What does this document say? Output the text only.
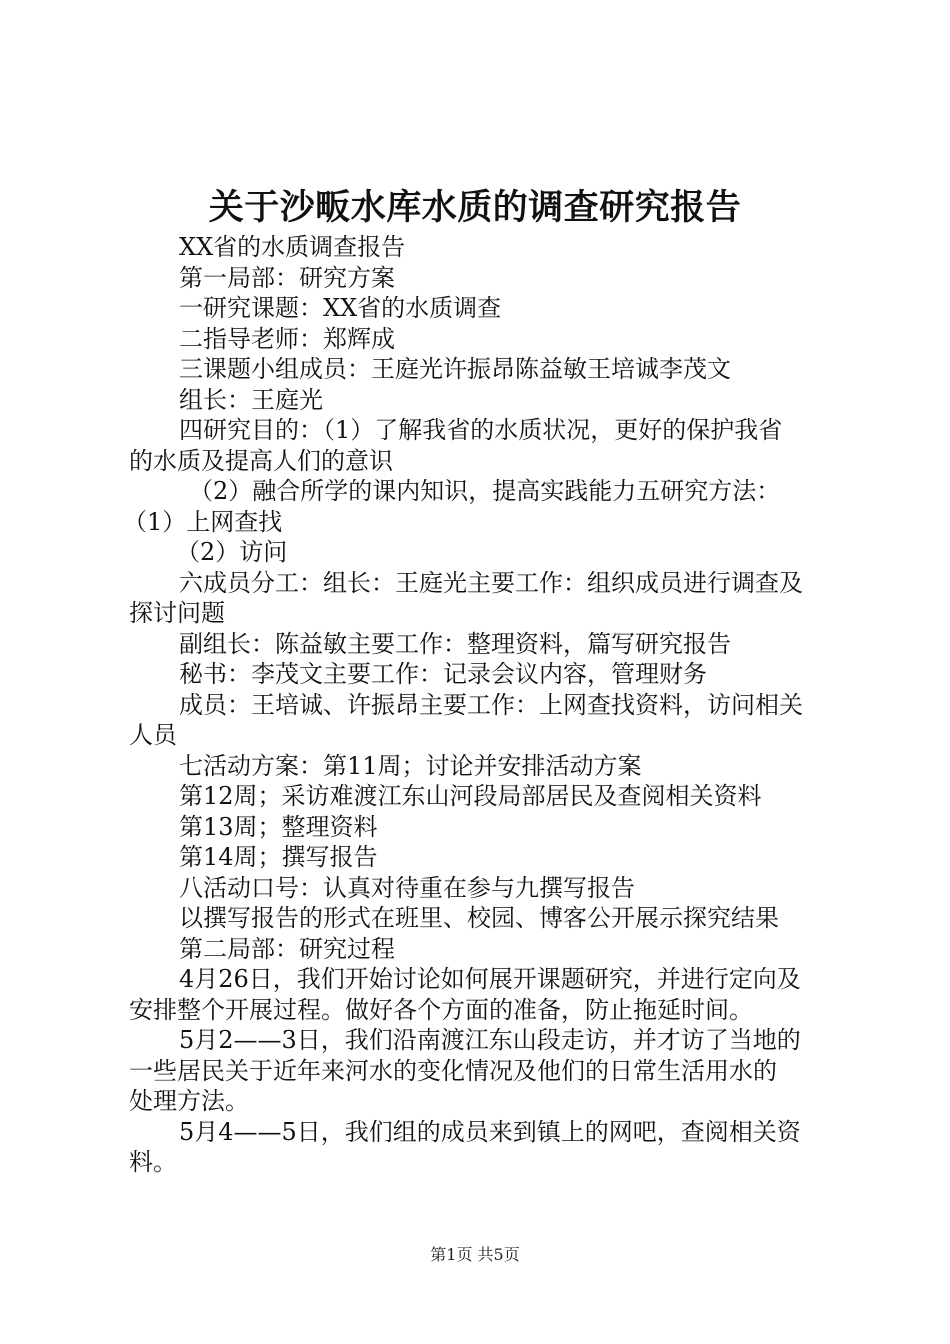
关于沙畈水库水质的调查研究报告
XX省的水质调查报告
第一局部：研究方案
一研究课题：XX省的水质调查
二指导老师：郑辉成
三课题小组成员：王庭光许振昂陈益敏王培诚李茂文
组长：王庭光
四研究目的：（1）了解我省的水质状况，更好的保护我省
的水质及提高人们的意识
（2）融合所学的课内知识，提高实践能力五研究方法：
（1）上网查找
（2）访问
六成员分工：组长：王庭光主要工作：组织成员进行调查及
探讨问题
副组长：陈益敏主要工作：整理资料，篇写研究报告
秘书：李茂文主要工作：记录会议内容，管理财务
成员：王培诚、许振昂主要工作：上网查找资料，访问相关
人员
七活动方案：第11周；讨论并安排活动方案
第12周；采访难渡江东山河段局部居民及查阅相关资料
第13周；整理资料
第14周；撰写报告
八活动口号：认真对待重在参与九撰写报告
以撰写报告的形式在班里、校园、博客公开展示探究结果
第二局部：研究过程
4月26日，我们开始讨论如何展开课题研究，并进行定向及
安排整个开展过程。做好各个方面的准备，防止拖延时间。
5月2——3日，我们沿南渡江东山段走访，并才访了当地的
一些居民关于近年来河水的变化情况及他们的日常生活用水的
处理方法。
5月4——5日，我们组的成员来到镇上的网吧，查阅相关资
料。
第1页 共5页
